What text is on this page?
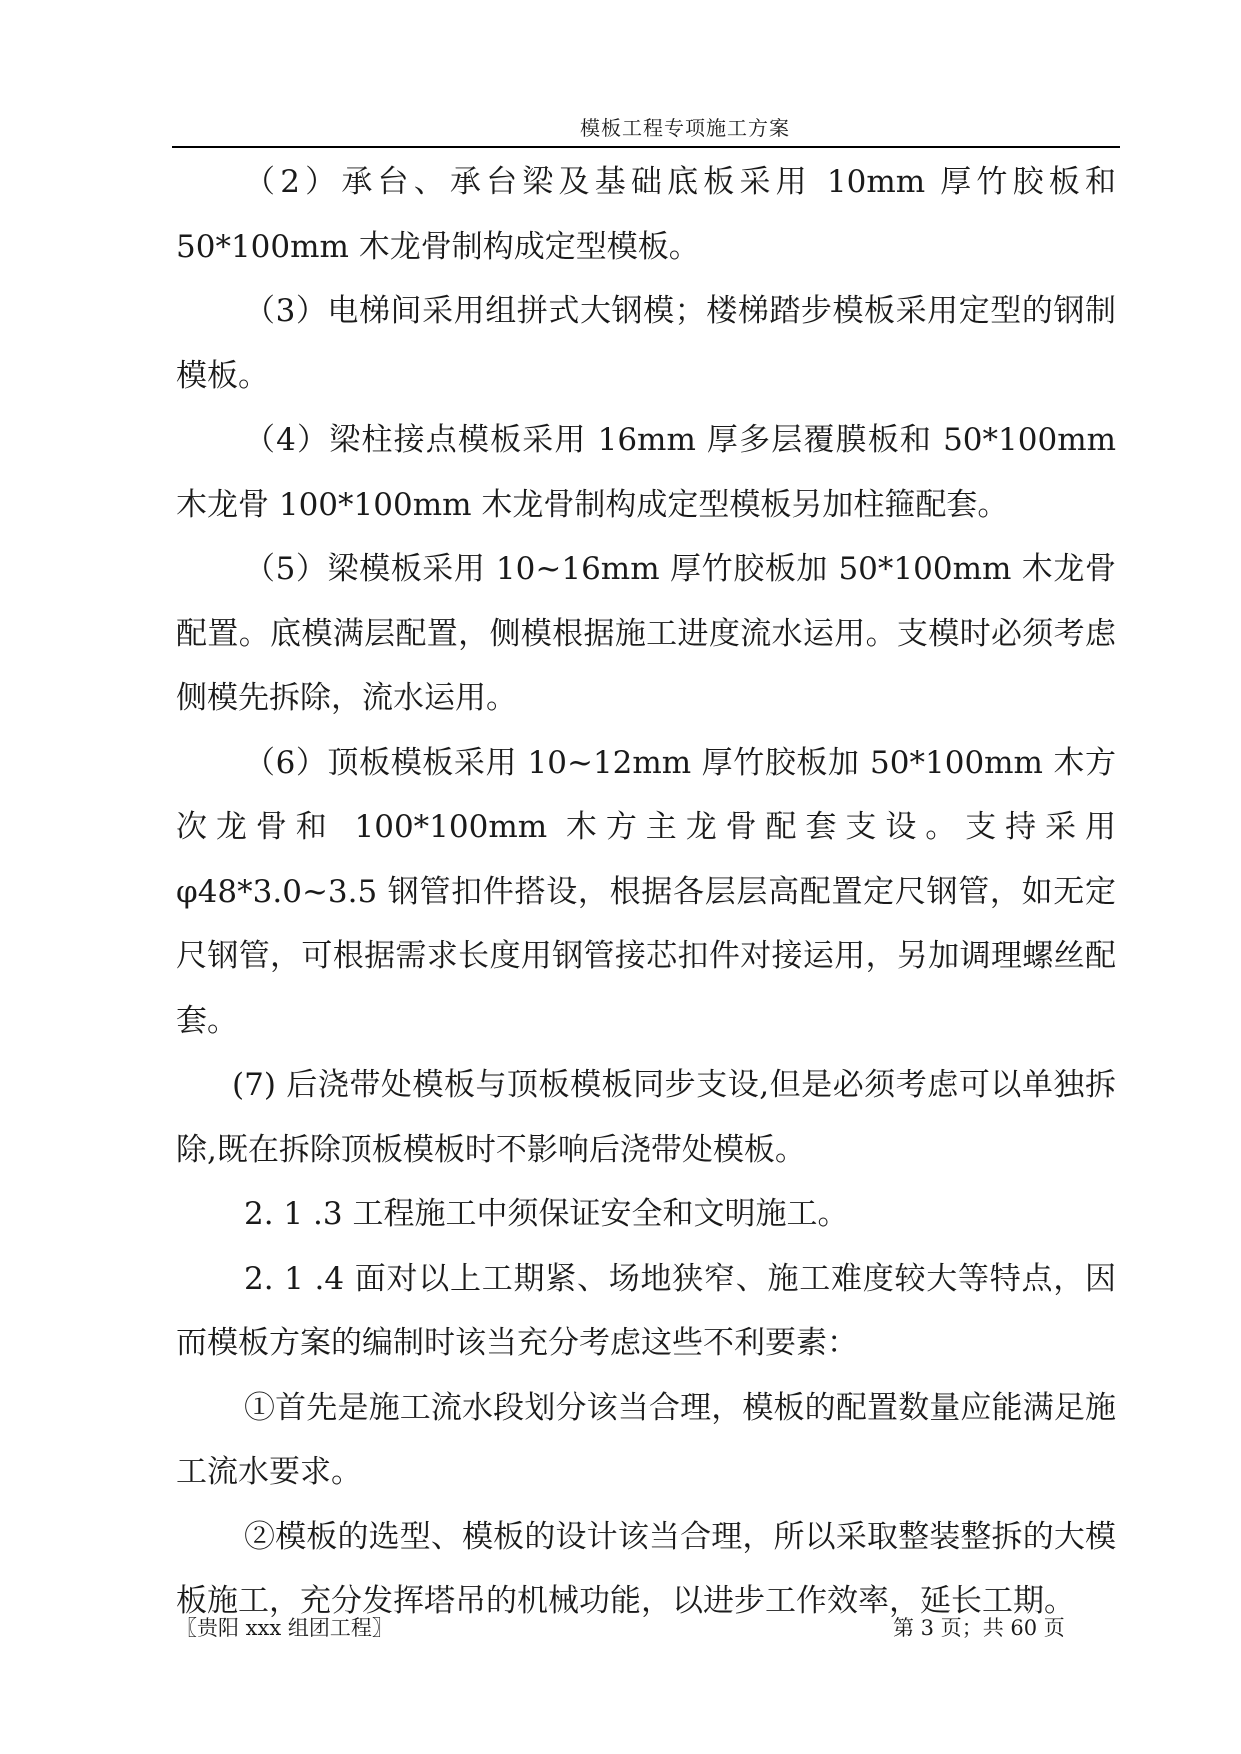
模板工程专项施工方案

（2）承台、承台梁及基础底板采用 10mm 厚竹胶板和 50*100mm 木龙骨制构成定型模板。

（3）电梯间采用组拼式大钢模；楼梯踏步模板采用定型的钢制模板。

（4）梁柱接点模板采用 16mm 厚多层覆膜板和 50*100mm 木龙骨 100*100mm 木龙骨制构成定型模板另加柱箍配套。

（5）梁模板采用 10~16mm 厚竹胶板加 50*100mm 木龙骨配置。底模满层配置，侧模根据施工进度流水运用。支模时必须考虑侧模先拆除，流水运用。

（6）顶板模板采用 10~12mm 厚竹胶板加 50*100mm 木方次龙骨和 100*100mm 木方主龙骨配套支设。支持采用 φ48*3.0~3.5 钢管扣件搭设，根据各层层高配置定尺钢管，如无定尺钢管，可根据需求长度用钢管接芯扣件对接运用，另加调理螺丝配套。

(7) 后浇带处模板与顶板模板同步支设,但是必须考虑可以单独拆除,既在拆除顶板模板时不影响后浇带处模板。

2. 1 .3 工程施工中须保证安全和文明施工。

2. 1 .4 面对以上工期紧、场地狭窄、施工难度较大等特点，因而模板方案的编制时该当充分考虑这些不利要素：

①首先是施工流水段划分该当合理，模板的配置数量应能满足施工流水要求。

②模板的选型、模板的设计该当合理，所以采取整装整拆的大模板施工，充分发挥塔吊的机械功能，以进步工作效率，延长工期。

〖贵阳 xxx 组团工程〗	第 3 页；共 60 页
